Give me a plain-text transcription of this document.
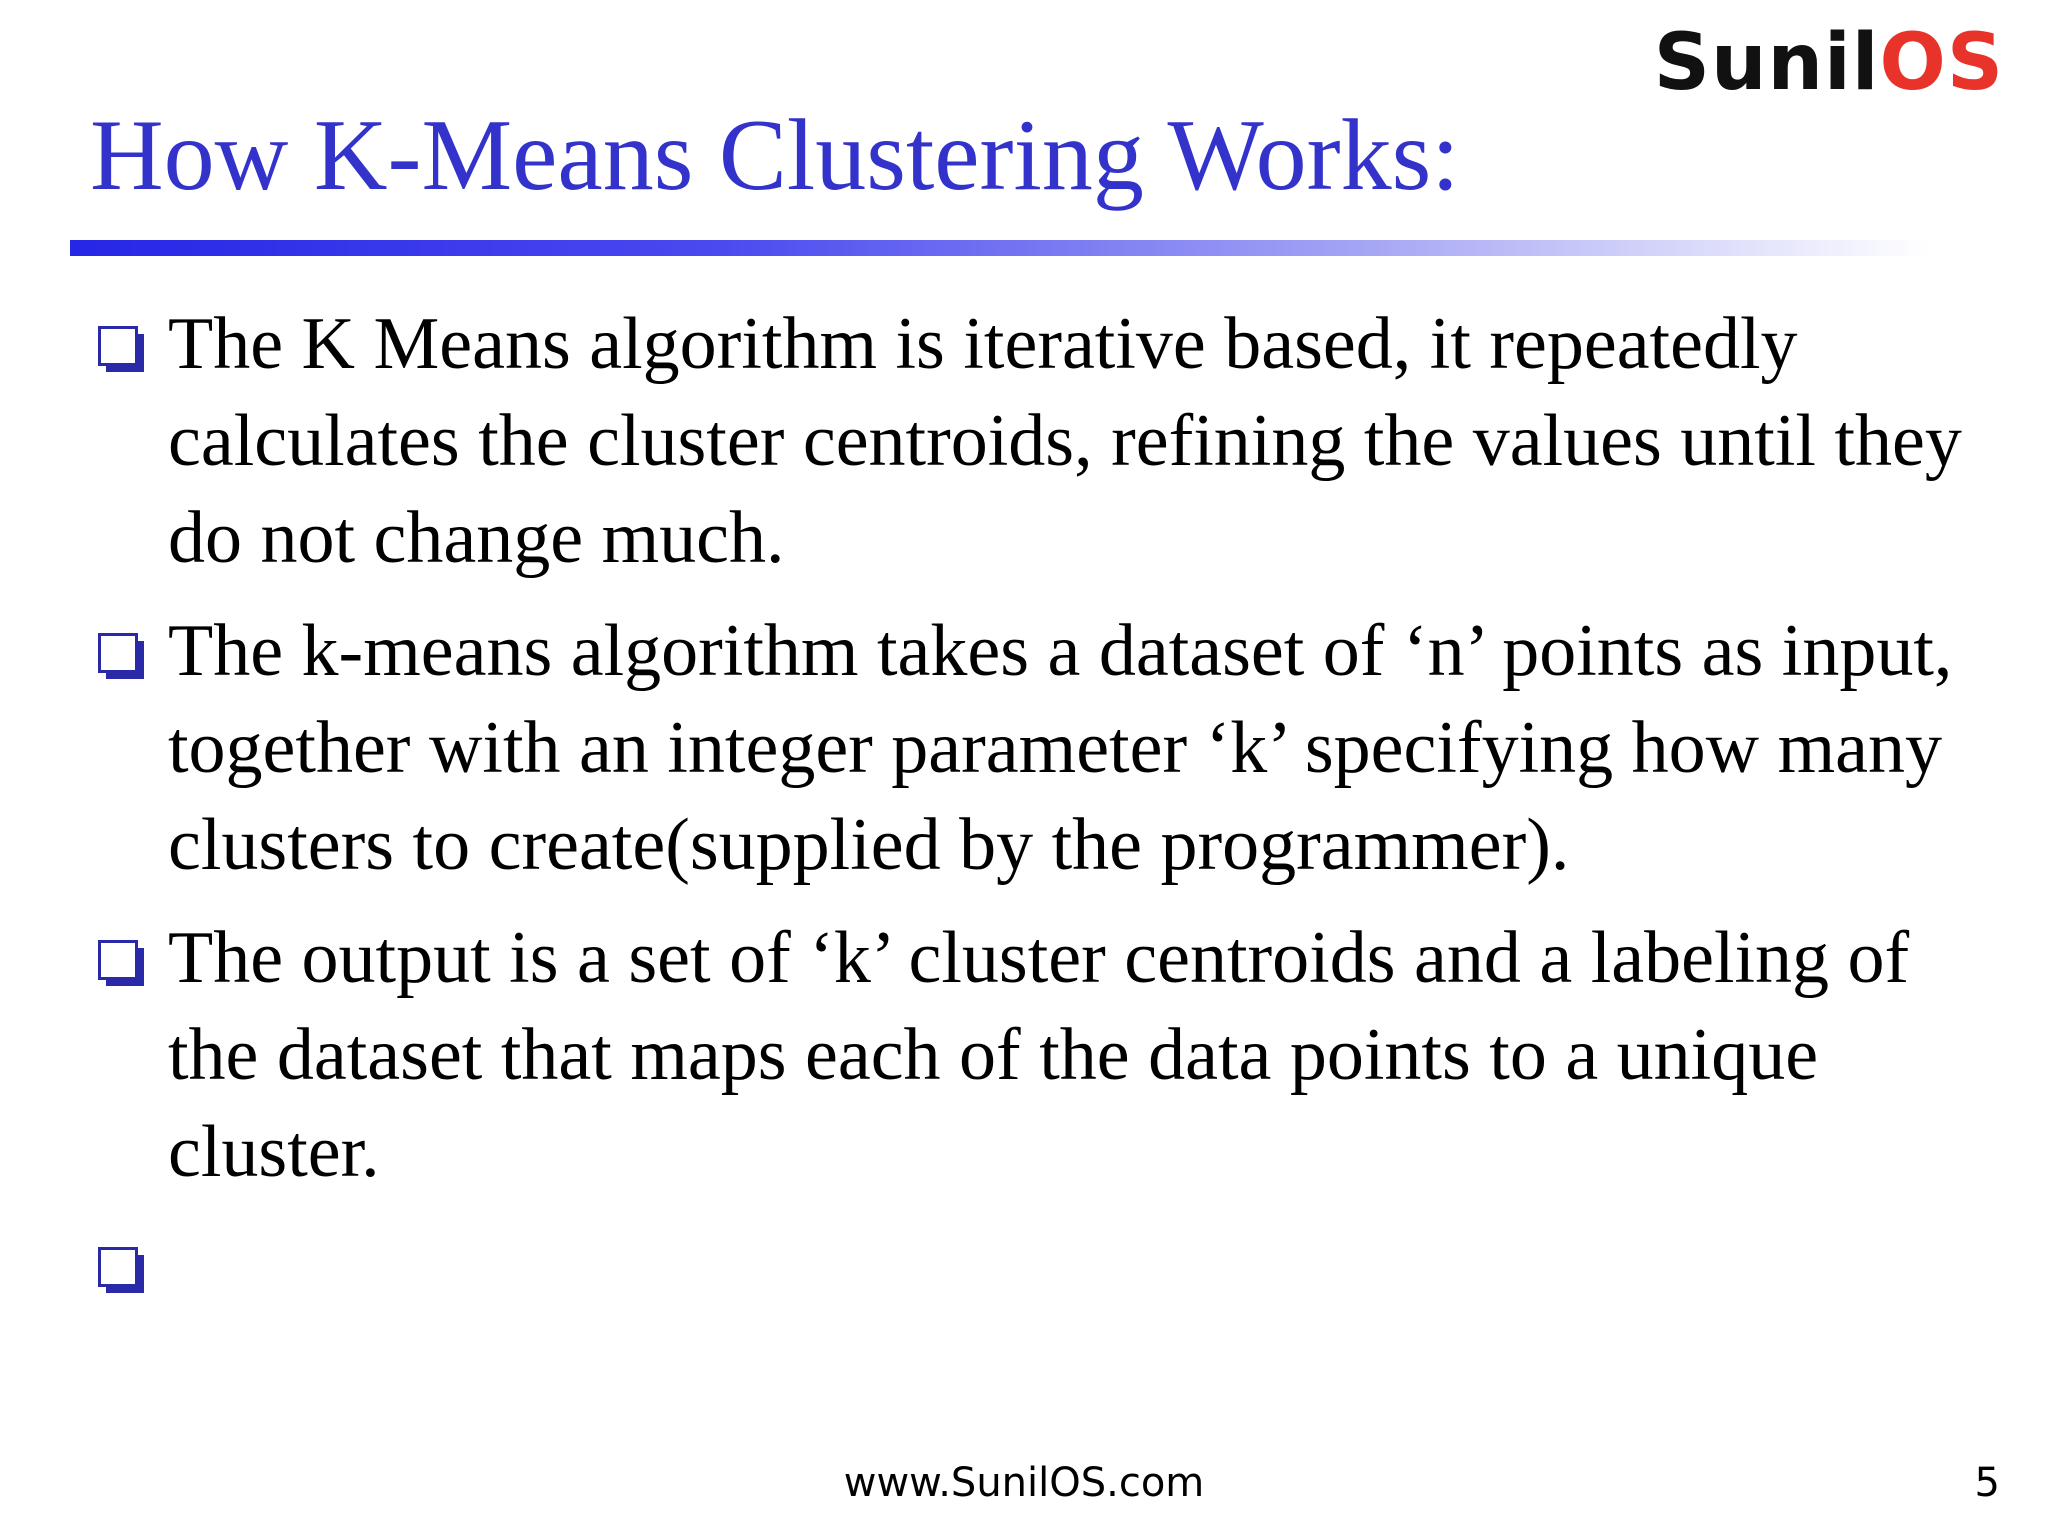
SunilOS
How K-Means Clustering Works:
The K Means algorithm is iterative based, it repeatedly calculates the cluster centroids, refining the values until they do not change much.
The k-means algorithm takes a dataset of ‘n’ points as input, together with an integer parameter ‘k’ specifying how many clusters to create(supplied by the programmer).
The output is a set of ‘k’ cluster centroids and a labeling of the dataset that maps each of the data points to a unique cluster.
www.SunilOS.com	5
